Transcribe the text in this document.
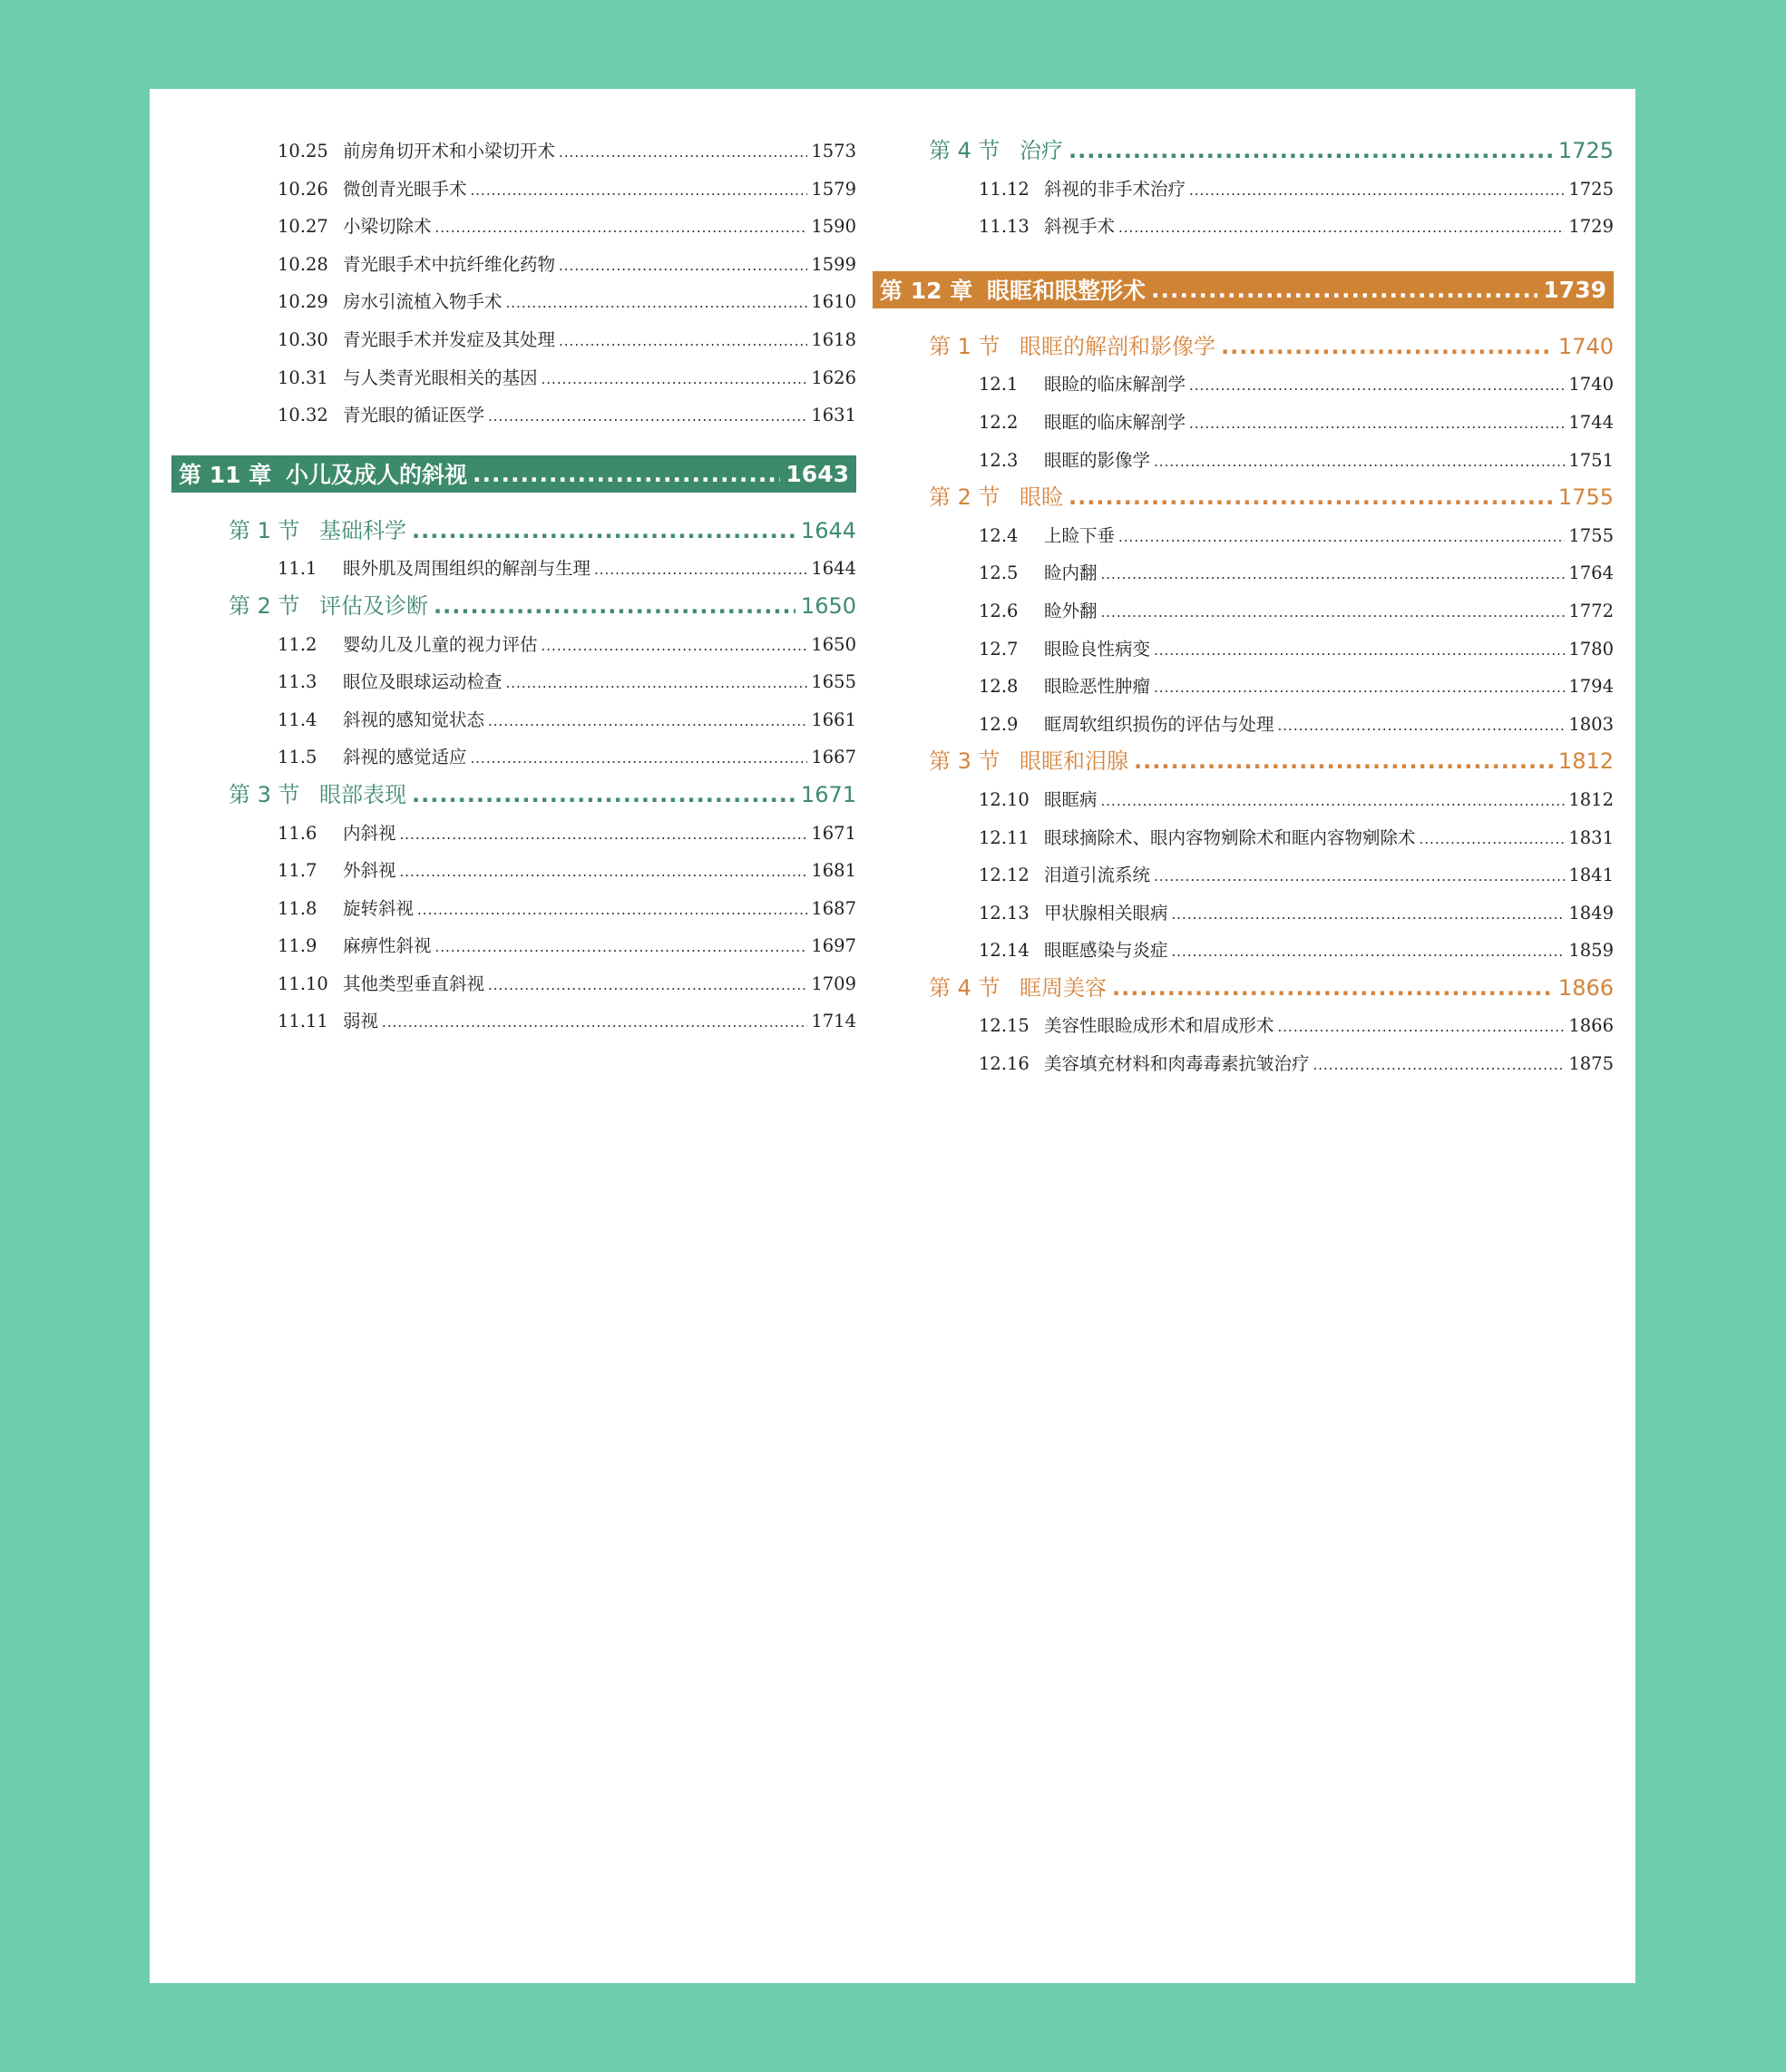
10.25 前房角切开术和小梁切开术 .....	1573
10.26 微创青光眼手术 .....	1579
10.27 小梁切除术 .....	1590
10.28 青光眼手术中抗纤维化药物 .....	1599
10.29 房水引流植入物手术 .....	1610
10.30 青光眼手术并发症及其处理 .....	1618
10.31 与人类青光眼相关的基因 .....	1626
10.32 青光眼的循证医学 .....	1631
第 11 章 小儿及成人的斜视 .....	1643
第 1 节 基础科学 .....	1644
11.1	眼外肌及周围组织的解剖与生理 .....	1644
第 2 节 评估及诊断 .....	1650
11.2	婴幼儿及儿童的视力评估 .....	1650
11.3	眼位及眼球运动检查 .....	1655
11.4	斜视的感知觉状态 .....	1661
11.5	斜视的感觉适应 .....	1667
第 3 节 眼部表现 .....	1671
11.6	内斜视 .....	1671
11.7	外斜视 .....	1681
11.8	旋转斜视 .....	1687
11.9	麻痹性斜视 .....	1697
11.10 其他类型垂直斜视 .....	1709
11.11 弱视 .....	1714
第 4 节 治疗 .....	1725
11.12 斜视的非手术治疗 .....	1725
11.13 斜视手术 .....	1729
第 12 章 眼眶和眼整形术 .....	1739
第 1 节 眼眶的解剖和影像学 .....	1740
12.1	眼睑的临床解剖学 .....	1740
12.2	眼眶的临床解剖学 .....	1744
12.3	眼眶的影像学 .....	1751
第 2 节 眼睑 .....	1755
12.4	上睑下垂 .....	1755
12.5	睑内翻 .....	1764
12.6	睑外翻 .....	1772
12.7	眼睑良性病变 .....	1780
12.8	眼睑恶性肿瘤 .....	1794
12.9	眶周软组织损伤的评估与处理 .....	1803
第 3 节 眼眶和泪腺 .....	1812
12.10 眼眶病 .....	1812
12.11 眼球摘除术、眼内容物剜除术和眶内容物剜除术 .....	1831
12.12 泪道引流系统 .....	1841
12.13 甲状腺相关眼病 .....	1849
12.14 眼眶感染与炎症 .....	1859
第 4 节 眶周美容 .....	1866
12.15 美容性眼睑成形术和眉成形术 .....	1866
12.16 美容填充材料和肉毒毒素抗皱治疗 .....	1875
